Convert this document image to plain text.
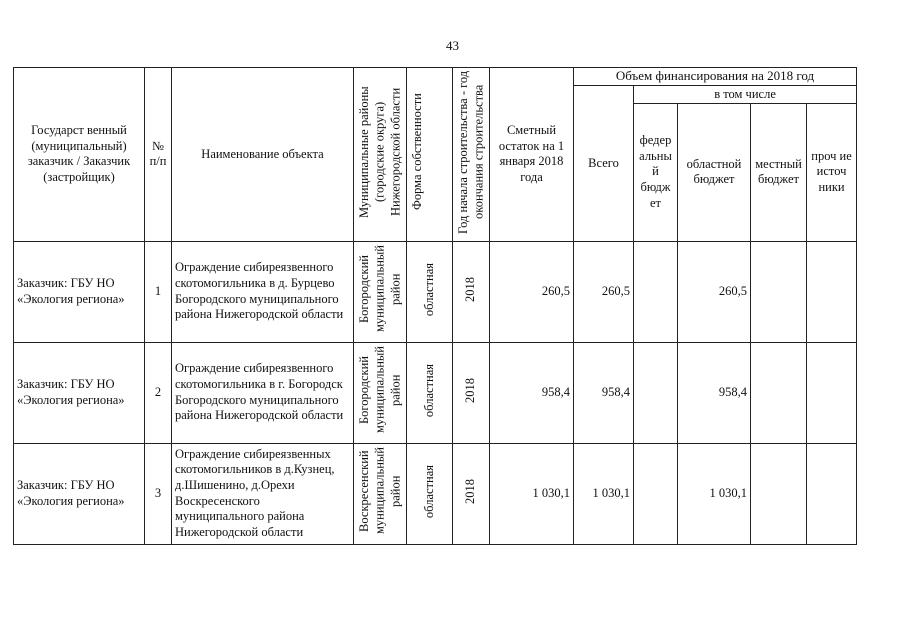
43
Государст венный (муниципальный) заказчик / Заказчик (застройщик)	№ п/п	Наименование объекта	Муниципальные районы (городские округа) Нижегородской области	Форма собственности	Год начала строительства - год окончания строительства	Сметный остаток на 1 января 2018 года	Объем финансирования на 2018 год				
							Всего	в том числе			
								федер альны й бюдж ет	областной бюджет	местный бюджет	проч ие источ ники
Заказчик: ГБУ НО «Экология региона»	1	Ограждение сибиреязвенного скотомогильника в д. Бурцево Богородского муниципального района Нижегородской области	Богородский муниципальный район	областная	2018	260,5	260,5		260,5		
Заказчик: ГБУ НО «Экология региона»	2	Ограждение сибиреязвенного скотомогильника в г. Богородск Богородского муниципального района Нижегородской области	Богородский муниципальный район	областная	2018	958,4	958,4		958,4		
Заказчик: ГБУ НО «Экология региона»	3	Ограждение сибиреязвенных скотомогильников в д.Кузнец, д.Шишенино, д.Орехи Воскресенского муниципального района Нижегородской области	Воскресенский муниципальный район	областная	2018	1 030,1	1 030,1		1 030,1		
